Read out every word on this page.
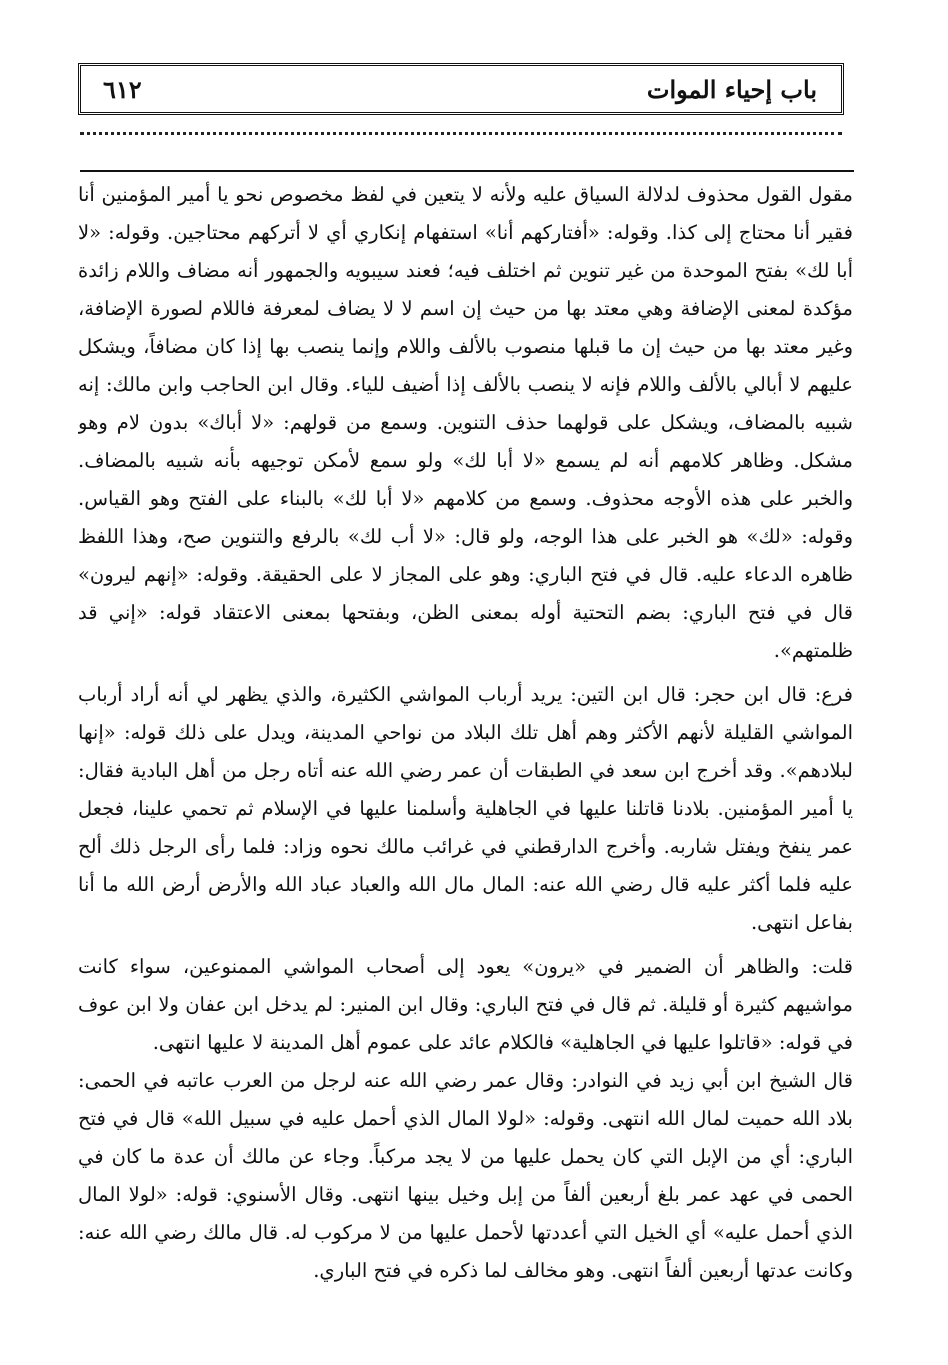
٦١٢	باب إحياء الموات

مقول القول محذوف لدلالة السياق عليه ولأنه لا يتعين في لفظ مخصوص نحو يا أمير المؤمنين أنا فقير أنا محتاج إلى كذا. وقوله: «أفتاركهم أنا» استفهام إنكاري أي لا أتركهم محتاجين. وقوله: «لا أبا لك» بفتح الموحدة من غير تنوين ثم اختلف فيه؛ فعند سيبويه والجمهور أنه مضاف واللام زائدة مؤكدة لمعنى الإضافة وهي معتد بها من حيث إن اسم لا لا يضاف لمعرفة فاللام لصورة الإضافة، وغير معتد بها من حيث إن ما قبلها منصوب بالألف واللام وإنما ينصب بها إذا كان مضافاً، ويشكل عليهم لا أبالي بالألف واللام فإنه لا ينصب بالألف إذا أضيف للياء. وقال ابن الحاجب وابن مالك: إنه شبيه بالمضاف، ويشكل على قولهما حذف التنوين. وسمع من قولهم: «لا أباك» بدون لام وهو مشكل. وظاهر كلامهم أنه لم يسمع «لا أبا لك» ولو سمع لأمكن توجيهه بأنه شبيه بالمضاف. والخبر على هذه الأوجه محذوف. وسمع من كلامهم «لا أبا لك» بالبناء على الفتح وهو القياس. وقوله: «لك» هو الخبر على هذا الوجه، ولو قال: «لا أب لك» بالرفع والتنوين صح، وهذا اللفظ ظاهره الدعاء عليه. قال في فتح الباري: وهو على المجاز لا على الحقيقة. وقوله: «إنهم ليرون» قال في فتح الباري: بضم التحتية أوله بمعنى الظن، وبفتحها بمعنى الاعتقاد قوله: «إني قد ظلمتهم».

فرع: قال ابن حجر: قال ابن التين: يريد أرباب المواشي الكثيرة، والذي يظهر لي أنه أراد أرباب المواشي القليلة لأنهم الأكثر وهم أهل تلك البلاد من نواحي المدينة، ويدل على ذلك قوله: «إنها لبلادهم». وقد أخرج ابن سعد في الطبقات أن عمر رضي الله عنه أتاه رجل من أهل البادية فقال: يا أمير المؤمنين. بلادنا قاتلنا عليها في الجاهلية وأسلمنا عليها في الإسلام ثم تحمي علينا، فجعل عمر ينفخ ويفتل شاربه. وأخرج الدارقطني في غرائب مالك نحوه وزاد: فلما رأى الرجل ذلك ألح عليه فلما أكثر عليه قال رضي الله عنه: المال مال الله والعباد عباد الله والأرض أرض الله ما أنا بفاعل انتهى.

قلت: والظاهر أن الضمير في «يرون» يعود إلى أصحاب المواشي الممنوعين، سواء كانت مواشيهم كثيرة أو قليلة. ثم قال في فتح الباري: وقال ابن المنير: لم يدخل ابن عفان ولا ابن عوف في قوله: «قاتلوا عليها في الجاهلية» فالكلام عائد على عموم أهل المدينة لا عليها انتهى.

قال الشيخ ابن أبي زيد في النوادر: وقال عمر رضي الله عنه لرجل من العرب عاتبه في الحمى: بلاد الله حميت لمال الله انتهى. وقوله: «لولا المال الذي أحمل عليه في سبيل الله» قال في فتح الباري: أي من الإبل التي كان يحمل عليها من لا يجد مركباً. وجاء عن مالك أن عدة ما كان في الحمى في عهد عمر بلغ أربعين ألفاً من إبل وخيل بينها انتهى. وقال الأسنوي: قوله: «لولا المال الذي أحمل عليه» أي الخيل التي أعددتها لأحمل عليها من لا مركوب له. قال مالك رضي الله عنه: وكانت عدتها أربعين ألفاً انتهى. وهو مخالف لما ذكره في فتح الباري.
